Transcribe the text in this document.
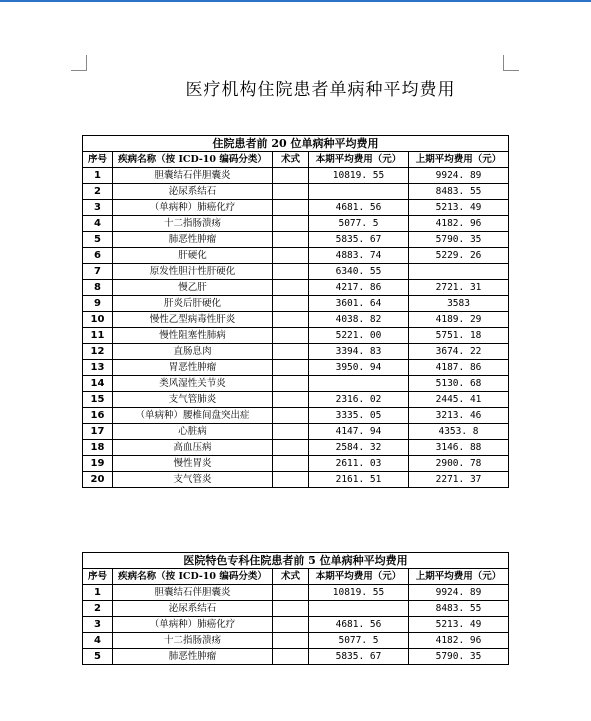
医疗机构住院患者单病种平均费用
住院患者前 20 位单病种平均费用				
序号	疾病名称（按 ICD-10 编码分类）	术式	本期平均费用（元）	上期平均费用（元）
1	胆囊结石伴胆囊炎		10819. 55	9924. 89
2	泌尿系结石			8483. 55
3	（单病种）肺癌化疗		4681. 56	5213. 49
4	十二指肠溃疡		5077. 5	4182. 96
5	肺恶性肿瘤		5835. 67	5790. 35
6	肝硬化		4883. 74	5229. 26
7	原发性胆汁性肝硬化		6340. 55	
8	慢乙肝		4217. 86	2721. 31
9	肝炎后肝硬化		3601. 64	3583
10	慢性乙型病毒性肝炎		4038. 82	4189. 29
11	慢性阻塞性肺病		5221. 00	5751. 18
12	直肠息肉		3394. 83	3674. 22
13	胃恶性肿瘤		3950. 94	4187. 86
14	类风湿性关节炎			5130. 68
15	支气管肺炎		2316. 02	2445. 41
16	（单病种）腰椎间盘突出症		3335. 05	3213. 46
17	心脏病		4147. 94	4353. 8
18	高血压病		2584. 32	3146. 88
19	慢性胃炎		2611. 03	2900. 78
20	支气管炎		2161. 51	2271. 37
医院特色专科住院患者前 5 位单病种平均费用				
序号	疾病名称（按 ICD-10 编码分类）	术式	本期平均费用（元）	上期平均费用（元）
1	胆囊结石伴胆囊炎		10819. 55	9924. 89
2	泌尿系结石			8483. 55
3	（单病种）肺癌化疗		4681. 56	5213. 49
4	十二指肠溃疡		5077. 5	4182. 96
5	肺恶性肿瘤		5835. 67	5790. 35
